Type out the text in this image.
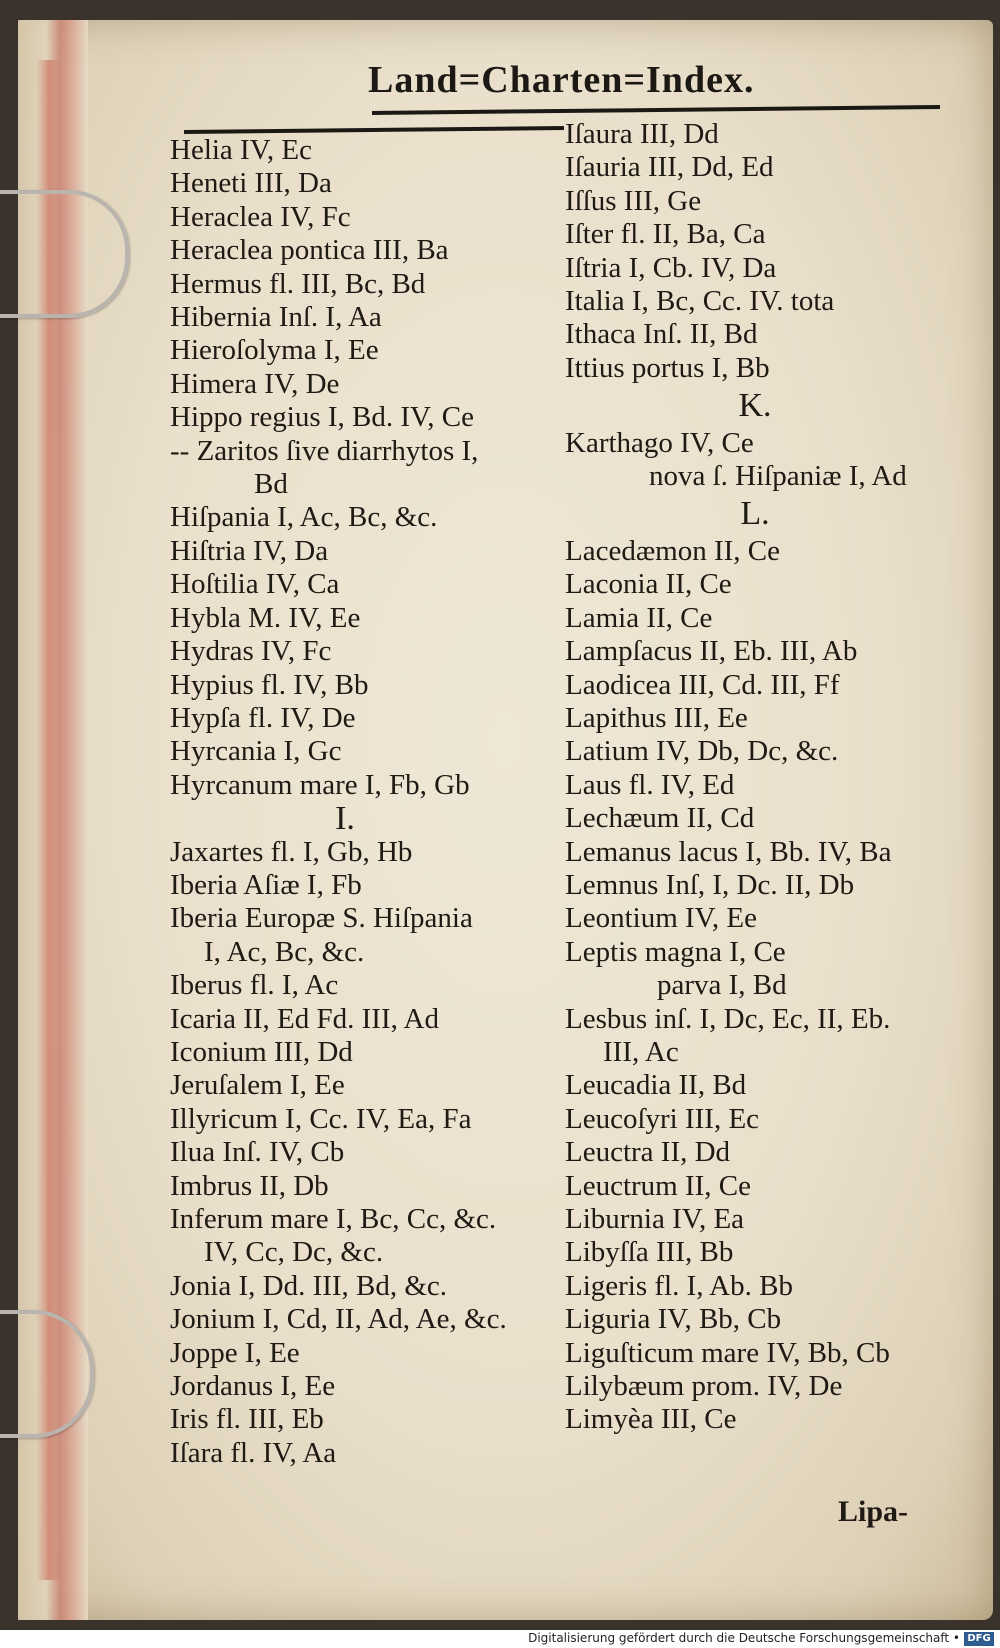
Land=Charten=Index.
Helia IV, Ec
Heneti III, Da
Heraclea IV, Fc
Heraclea pontica III, Ba
Hermus fl. III, Bc, Bd
Hibernia Inſ. I, Aa
Hieroſolyma I, Ee
Himera IV, De
Hippo regius I, Bd. IV, Ce
-- Zaritos ſive diarrhytos I,
Bd
Hiſpania I, Ac, Bc, &c.
Hiſtria IV, Da
Hoſtilia IV, Ca
Hybla M. IV, Ee
Hydras IV, Fc
Hypius fl. IV, Bb
Hypſa fl. IV, De
Hyrcania I, Gc
Hyrcanum mare I, Fb, Gb
I.
Jaxartes fl. I, Gb, Hb
Iberia Aſiæ I, Fb
Iberia Europæ S. Hiſpania
I, Ac, Bc, &c.
Iberus fl. I, Ac
Icaria II, Ed Fd. III, Ad
Iconium III, Dd
Jeruſalem I, Ee
Illyricum I, Cc. IV, Ea, Fa
Ilua Inſ. IV, Cb
Imbrus II, Db
Inferum mare I, Bc, Cc, &c.
IV, Cc, Dc, &c.
Jonia I, Dd. III, Bd, &c.
Jonium I, Cd, II, Ad, Ae, &c.
Joppe I, Ee
Jordanus I, Ee
Iris fl. III, Eb
Iſara fl. IV, Aa
Iſaura III, Dd
Iſauria III, Dd, Ed
Iſſus III, Ge
Iſter fl. II, Ba, Ca
Iſtria I, Cb. IV, Da
Italia I, Bc, Cc. IV. tota
Ithaca Inſ. II, Bd
Ittius portus I, Bb
K.
Karthago IV, Ce
nova ſ. Hiſpaniæ I, Ad
L.
Lacedæmon II, Ce
Laconia II, Ce
Lamia II, Ce
Lampſacus II, Eb. III, Ab
Laodicea III, Cd. III, Ff
Lapithus III, Ee
Latium IV, Db, Dc, &c.
Laus fl. IV, Ed
Lechæum II, Cd
Lemanus lacus I, Bb. IV, Ba
Lemnus Inſ, I, Dc. II, Db
Leontium IV, Ee
Leptis magna I, Ce
parva I, Bd
Lesbus inſ. I, Dc, Ec, II, Eb.
III, Ac
Leucadia II, Bd
Leucoſyri III, Ec
Leuctra II, Dd
Leuctrum II, Ce
Liburnia IV, Ea
Libyſſa III, Bb
Ligeris fl. I, Ab. Bb
Liguria IV, Bb, Cb
Liguſticum mare IV, Bb, Cb
Lilybæum prom. IV, De
Limyèa III, Ce
Lipa-
Digitalisierung gefördert durch die Deutsche Forschungsgemeinschaft • DFG
